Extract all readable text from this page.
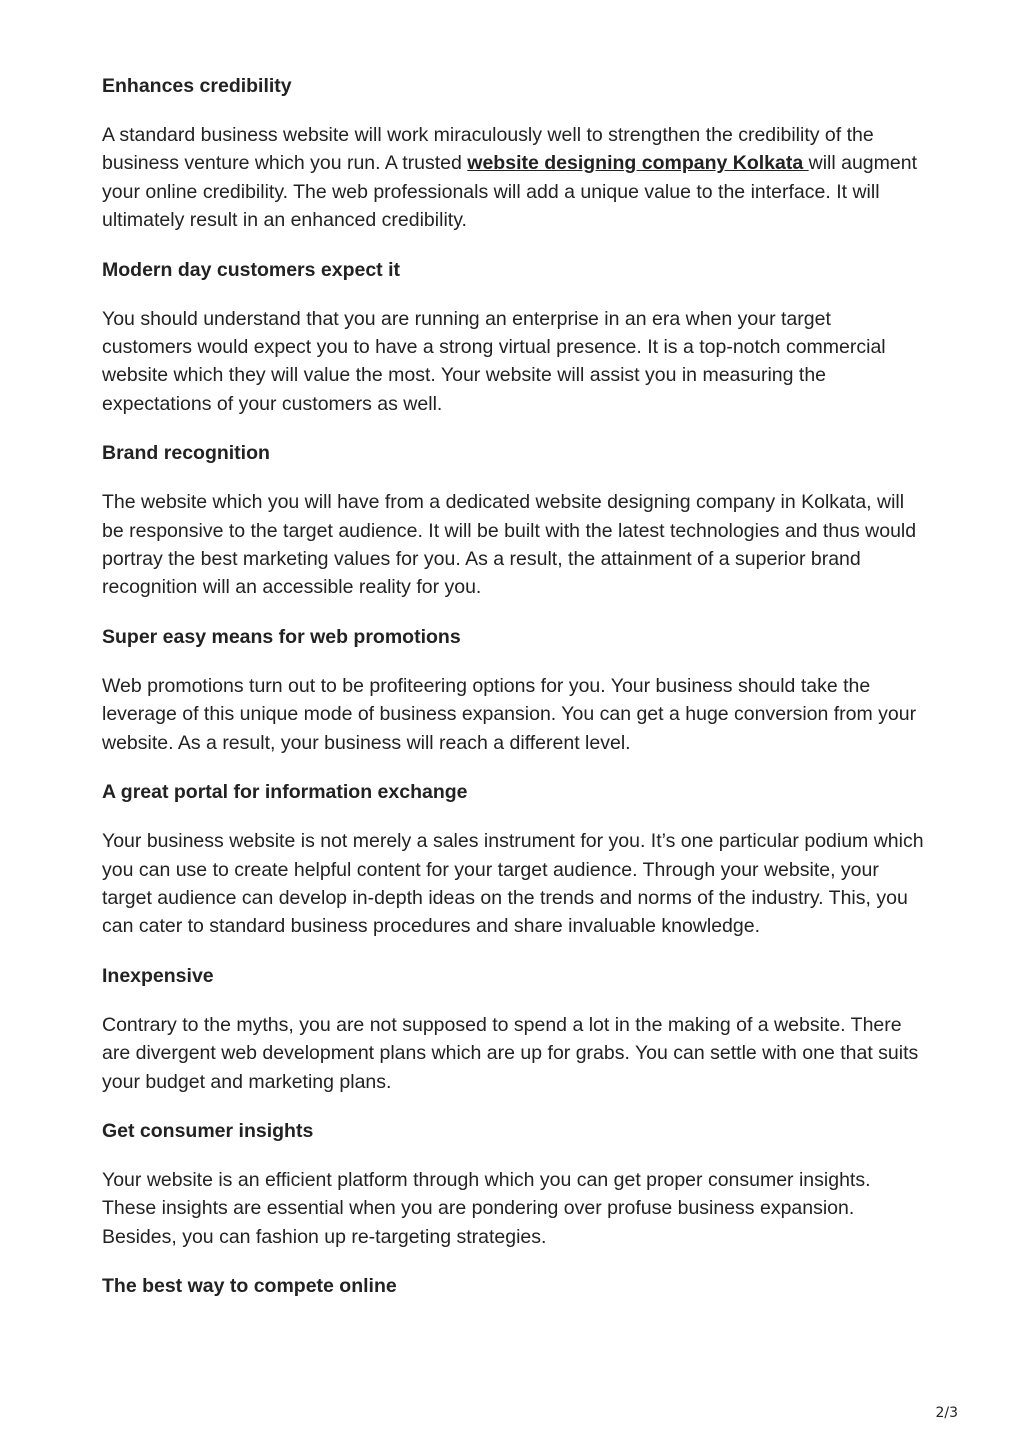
Enhances credibility

A standard business website will work miraculously well to strengthen the credibility of the business venture which you run. A trusted website designing company Kolkata will augment your online credibility. The web professionals will add a unique value to the interface. It will ultimately result in an enhanced credibility.

Modern day customers expect it

You should understand that you are running an enterprise in an era when your target customers would expect you to have a strong virtual presence. It is a top-notch commercial website which they will value the most. Your website will assist you in measuring the expectations of your customers as well.

Brand recognition

The website which you will have from a dedicated website designing company in Kolkata, will be responsive to the target audience. It will be built with the latest technologies and thus would portray the best marketing values for you. As a result, the attainment of a superior brand recognition will an accessible reality for you.

Super easy means for web promotions

Web promotions turn out to be profiteering options for you. Your business should take the leverage of this unique mode of business expansion. You can get a huge conversion from your website. As a result, your business will reach a different level.

A great portal for information exchange

Your business website is not merely a sales instrument for you. It’s one particular podium which you can use to create helpful content for your target audience. Through your website, your target audience can develop in-depth ideas on the trends and norms of the industry. This, you can cater to standard business procedures and share invaluable knowledge.

Inexpensive

Contrary to the myths, you are not supposed to spend a lot in the making of a website. There are divergent web development plans which are up for grabs. You can settle with one that suits your budget and marketing plans.

Get consumer insights

Your website is an efficient platform through which you can get proper consumer insights. These insights are essential when you are pondering over profuse business expansion. Besides, you can fashion up re-targeting strategies.

The best way to compete online
2/3
